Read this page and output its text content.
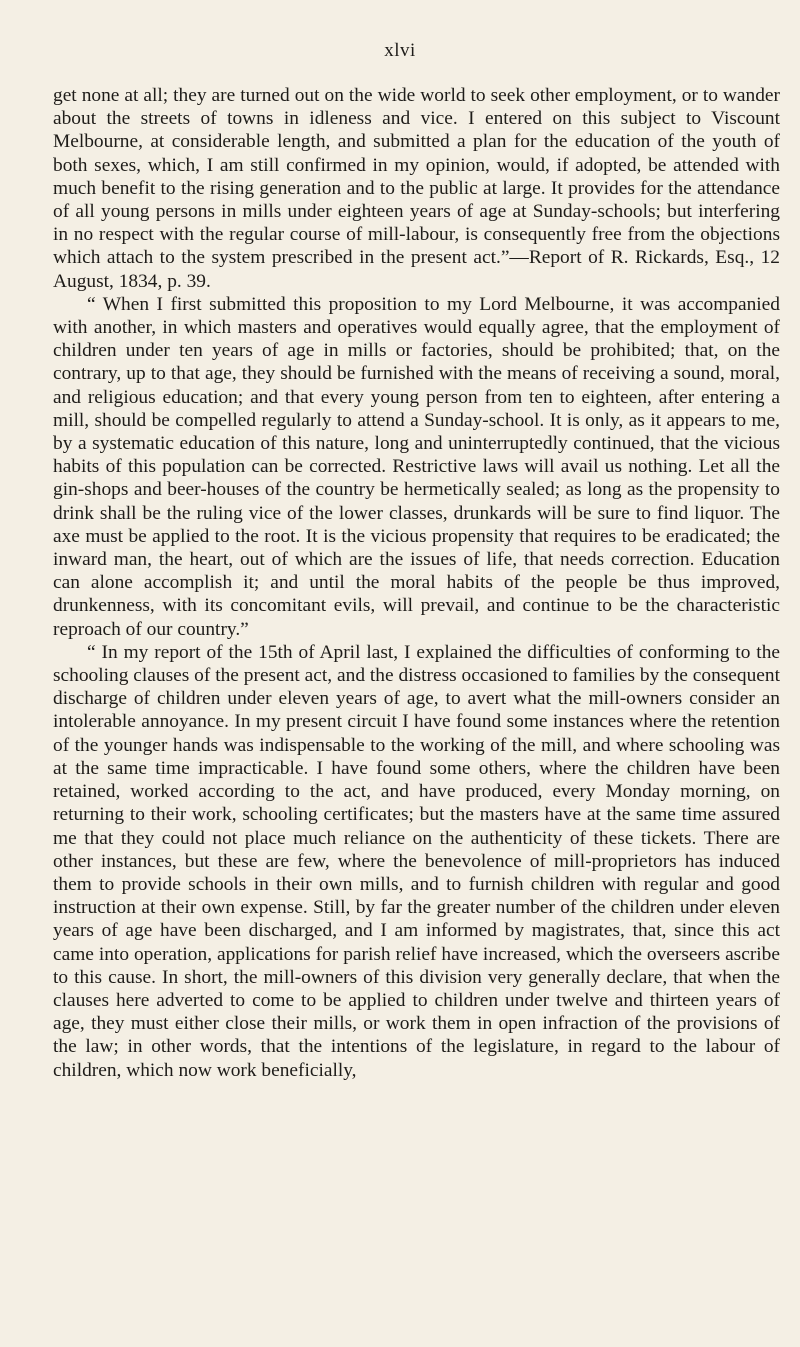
xlvi

get none at all; they are turned out on the wide world to seek other employment, or to wander about the streets of towns in idleness and vice. I entered on this subject to Viscount Melbourne, at considerable length, and submitted a plan for the education of the youth of both sexes, which, I am still confirmed in my opinion, would, if adopted, be attended with much benefit to the rising generation and to the public at large. It provides for the attendance of all young persons in mills under eighteen years of age at Sunday-schools; but interfering in no respect with the regular course of mill-labour, is consequently free from the objections which attach to the system prescribed in the present act.”—Report of R. Rickards, Esq., 12 August, 1834, p. 39.

“ When I first submitted this proposition to my Lord Melbourne, it was accompanied with another, in which masters and operatives would equally agree, that the employment of children under ten years of age in mills or factories, should be prohibited; that, on the contrary, up to that age, they should be furnished with the means of receiving a sound, moral, and religious education; and that every young person from ten to eighteen, after entering a mill, should be compelled regularly to attend a Sunday-school. It is only, as it appears to me, by a systematic education of this nature, long and uninterruptedly continued, that the vicious habits of this population can be corrected. Restrictive laws will avail us nothing. Let all the gin-shops and beer-houses of the country be hermetically sealed; as long as the propensity to drink shall be the ruling vice of the lower classes, drunkards will be sure to find liquor. The axe must be applied to the root. It is the vicious propensity that requires to be eradicated; the inward man, the heart, out of which are the issues of life, that needs correction. Education can alone accomplish it; and until the moral habits of the people be thus improved, drunkenness, with its concomitant evils, will prevail, and continue to be the characteristic reproach of our country.”

“ In my report of the 15th of April last, I explained the difficulties of conforming to the schooling clauses of the present act, and the distress occasioned to families by the consequent discharge of children under eleven years of age, to avert what the mill-owners consider an intolerable annoyance. In my present circuit I have found some instances where the retention of the younger hands was indispensable to the working of the mill, and where schooling was at the same time impracticable. I have found some others, where the children have been retained, worked according to the act, and have produced, every Monday morning, on returning to their work, schooling certificates; but the masters have at the same time assured me that they could not place much reliance on the authenticity of these tickets. There are other instances, but these are few, where the benevolence of mill-proprietors has induced them to provide schools in their own mills, and to furnish children with regular and good instruction at their own expense. Still, by far the greater number of the children under eleven years of age have been discharged, and I am informed by magistrates, that, since this act came into operation, applications for parish relief have increased, which the overseers ascribe to this cause. In short, the mill-owners of this division very generally declare, that when the clauses here adverted to come to be applied to children under twelve and thirteen years of age, they must either close their mills, or work them in open infraction of the provisions of the law; in other words, that the intentions of the legislature, in regard to the labour of children, which now work beneficially,
